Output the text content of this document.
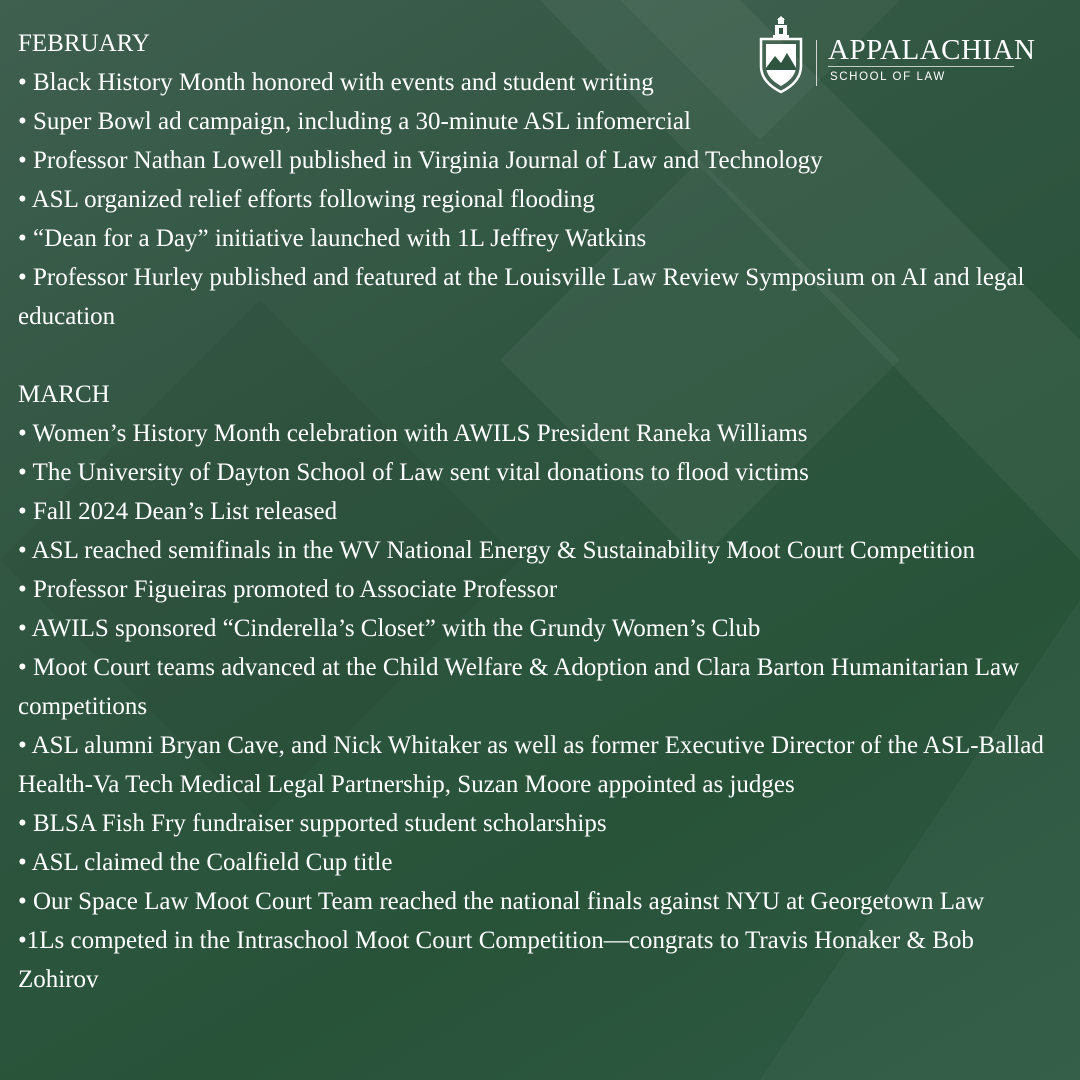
APPALACHIAN
SCHOOL OF LAW

FEBRUARY

• Black History Month honored with events and student writing

• Super Bowl ad campaign, including a 30-minute ASL infomercial

• Professor Nathan Lowell published in Virginia Journal of Law and Technology

• ASL organized relief efforts following regional flooding

• “Dean for a Day” initiative launched with 1L Jeffrey Watkins

• Professor Hurley published and featured at the Louisville Law Review Symposium on AI and legal education

MARCH

• Women’s History Month celebration with AWILS President Raneka Williams

• The University of Dayton School of Law sent vital donations to flood victims

• Fall 2024 Dean’s List released

• ASL reached semifinals in the WV National Energy & Sustainability Moot Court Competition

• Professor Figueiras promoted to Associate Professor

• AWILS sponsored “Cinderella’s Closet” with the Grundy Women’s Club

• Moot Court teams advanced at the Child Welfare & Adoption and Clara Barton Humanitarian Law competitions

• ASL alumni Bryan Cave, and Nick Whitaker as well as former Executive Director of the ASL-Ballad Health-Va Tech Medical Legal Partnership, Suzan Moore appointed as judges

• BLSA Fish Fry fundraiser supported student scholarships

• ASL claimed the Coalfield Cup title

• Our Space Law Moot Court Team reached the national finals against NYU at Georgetown Law

•1Ls competed in the Intraschool Moot Court Competition—congrats to Travis Honaker & Bob Zohirov
